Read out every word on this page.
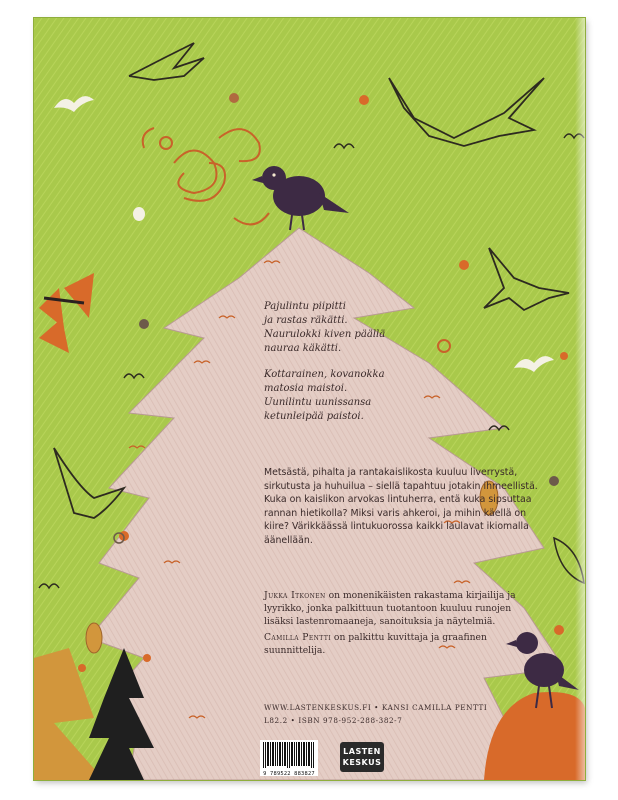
Pajulintu piipitti
ja rastas räkätti.
Naurulokki kiven päällä
nauraa käkätti.

Kottarainen, kovanokka
matosia maistoi.
Uunilintu uunissansa
ketunleipää paistoi.

Metsästä, pihalta ja rantakaislikosta kuuluu liverrystä, sirkutusta ja huhuilua – siellä tapahtuu jotakin ihmeellistä. Kuka on kaislikon arvokas lintuherra, entä kuka sipsuttaa rannan hietikolla? Miksi varis ahkeroi, ja mihin käellä on kiire? Värikkäässä lintukuorossa kaikki laulavat ikiomalla äänellään.

Jukka Itkonen on monenikäisten rakastama kirjailija ja lyyrikko, jonka palkittuun tuotantoon kuuluu runojen lisäksi lastenromaaneja, sanoituksia ja näytelmiä.

Camilla Pentti on palkittu kuvittaja ja graafinen suunnittelija.

WWW.LASTENKESKUS.FI • KANSI CAMILLA PENTTI
L82.2 • ISBN 978-952-288-382-7
9 789522 883827
LASTEN
KESKUS
